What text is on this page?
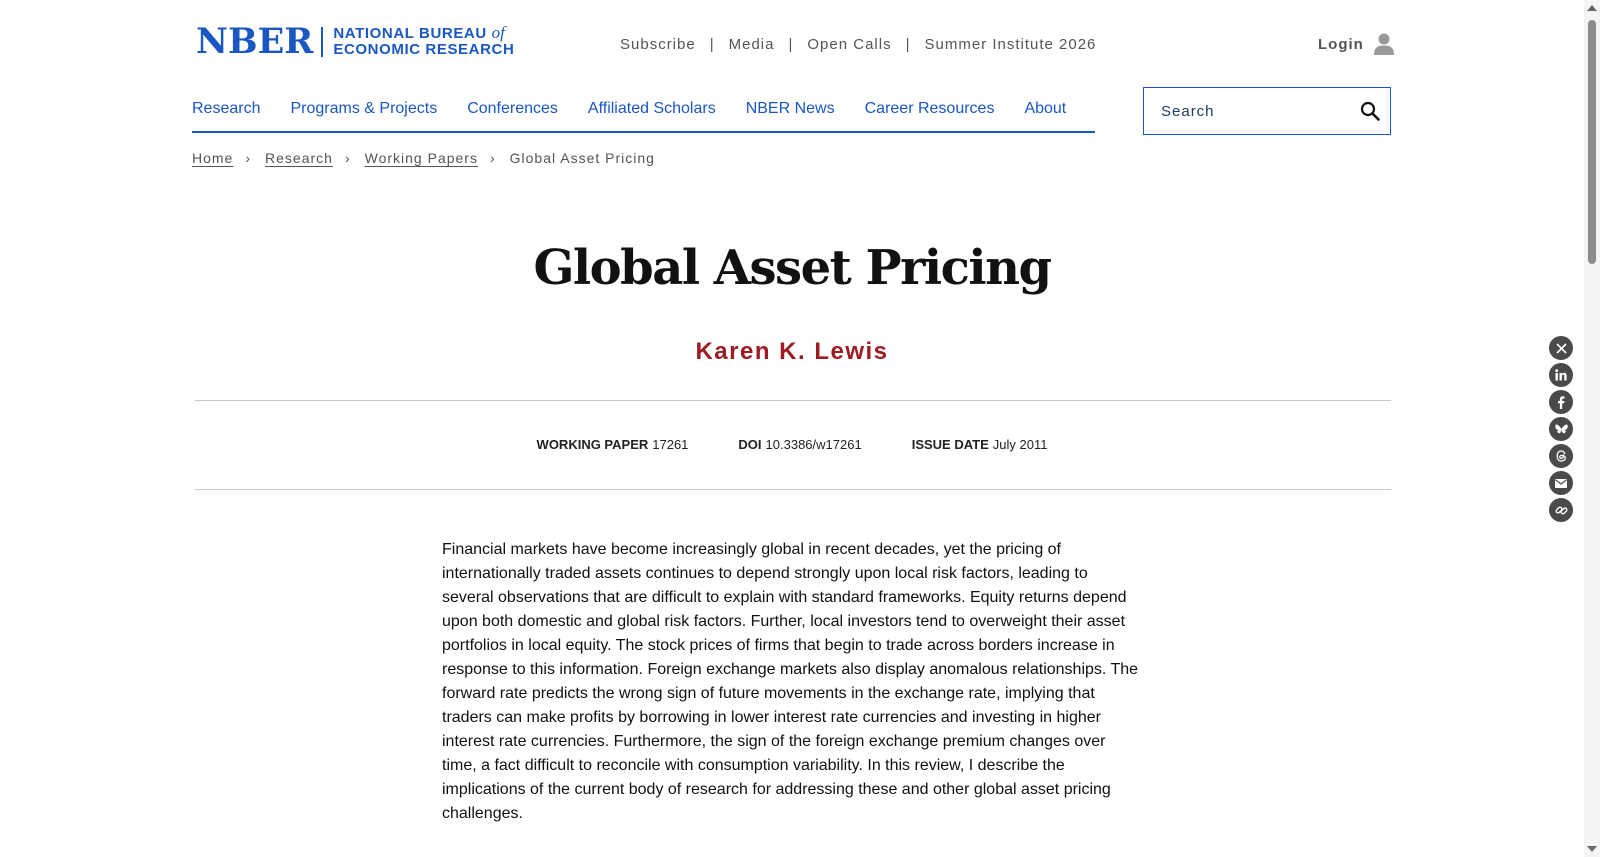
NBER NATIONAL BUREAU of
ECONOMIC RESEARCH	Subscribe | Media | Open Calls | Summer Institute 2026	Login
Research Programs & Projects Conferences Affiliated Scholars NBER News Career Resources About
Search
Home › Research › Working Papers › Global Asset Pricing
Global Asset Pricing
Karen K. Lewis
WORKING PAPER 17261	DOI 10.3386/w17261	ISSUE DATE July 2011

Financial markets have become increasingly global in recent decades, yet the pricing of internationally traded assets continues to depend strongly upon local risk factors, leading to several observations that are difficult to explain with standard frameworks. Equity returns depend upon both domestic and global risk factors. Further, local investors tend to overweight their asset portfolios in local equity. The stock prices of firms that begin to trade across borders increase in response to this information. Foreign exchange markets also display anomalous relationships. The forward rate predicts the wrong sign of future movements in the exchange rate, implying that traders can make profits by borrowing in lower interest rate currencies and investing in higher interest rate currencies. Furthermore, the sign of the foreign exchange premium changes over time, a fact difficult to reconcile with consumption variability. In this review, I describe the implications of the current body of research for addressing these and other global asset pricing challenges.
